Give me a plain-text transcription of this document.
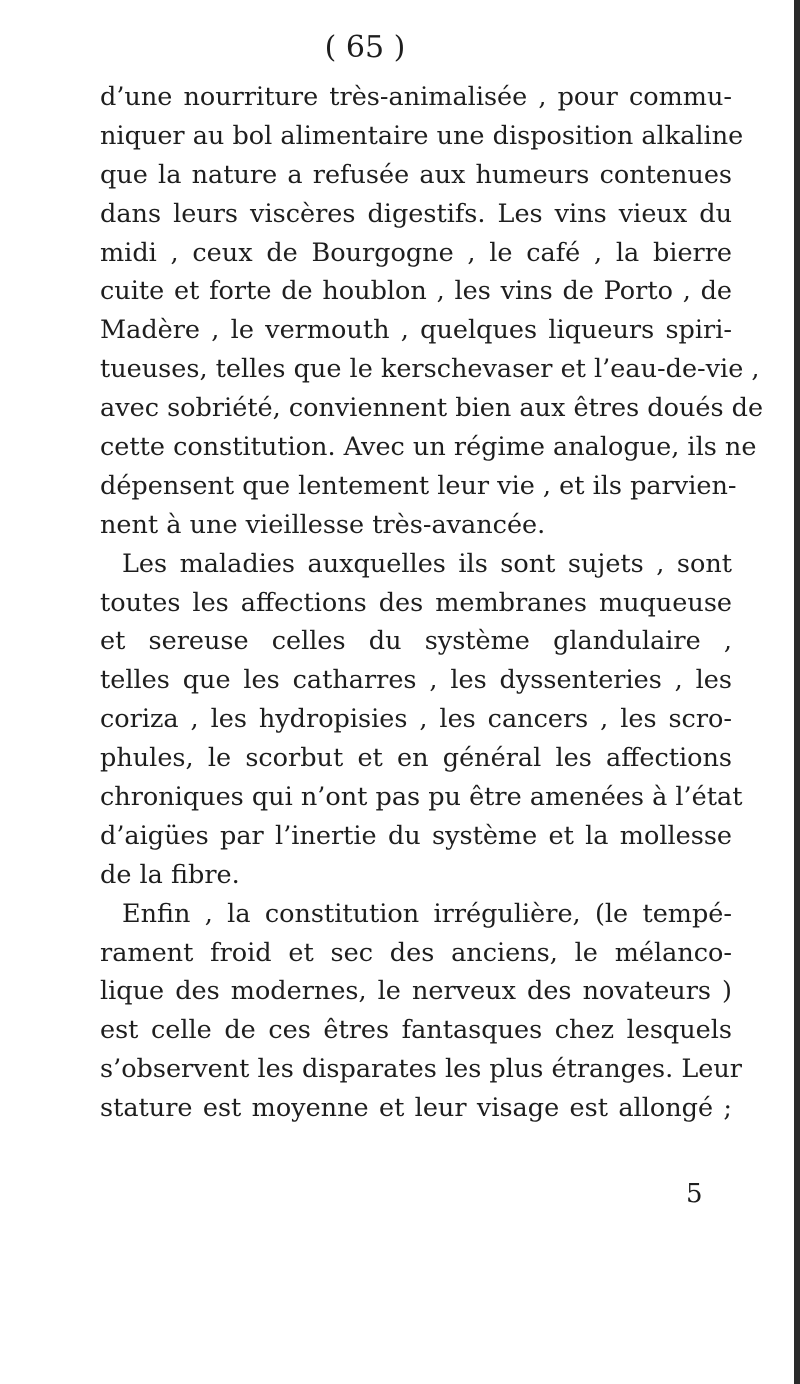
( 65 )
d’une nourriture très-animalisée , pour commu-
niquer au bol alimentaire une disposition alkaline
que la nature a refusée aux humeurs contenues
dans leurs viscères digestifs. Les vins vieux du
midi , ceux de Bourgogne , le café , la bierre
cuite et forte de houblon , les vins de Porto , de
Madère , le vermouth , quelques liqueurs spiri-
tueuses, telles que le kerschevaser et l’eau-de-vie ,
avec sobriété, conviennent bien aux êtres doués de
cette constitution. Avec un régime analogue, ils ne
dépensent que lentement leur vie , et ils parvien-
nent à une vieillesse très-avancée.
Les maladies auxquelles ils sont sujets , sont
toutes les affections des membranes muqueuse
et sereuse celles du système glandulaire ,
telles que les catharres , les dyssenteries , les
coriza , les hydropisies , les cancers , les scro-
phules, le scorbut et en général les affections
chroniques qui n’ont pas pu être amenées à l’état
d’aigües par l’inertie du système et la mollesse
de la fibre.
Enfin , la constitution irrégulière, (le tempé-
rament froid et sec des anciens, le mélanco-
lique des modernes, le nerveux des novateurs )
est celle de ces êtres fantasques chez lesquels
s’observent les disparates les plus étranges. Leur
stature est moyenne et leur visage est allongé ;
5
